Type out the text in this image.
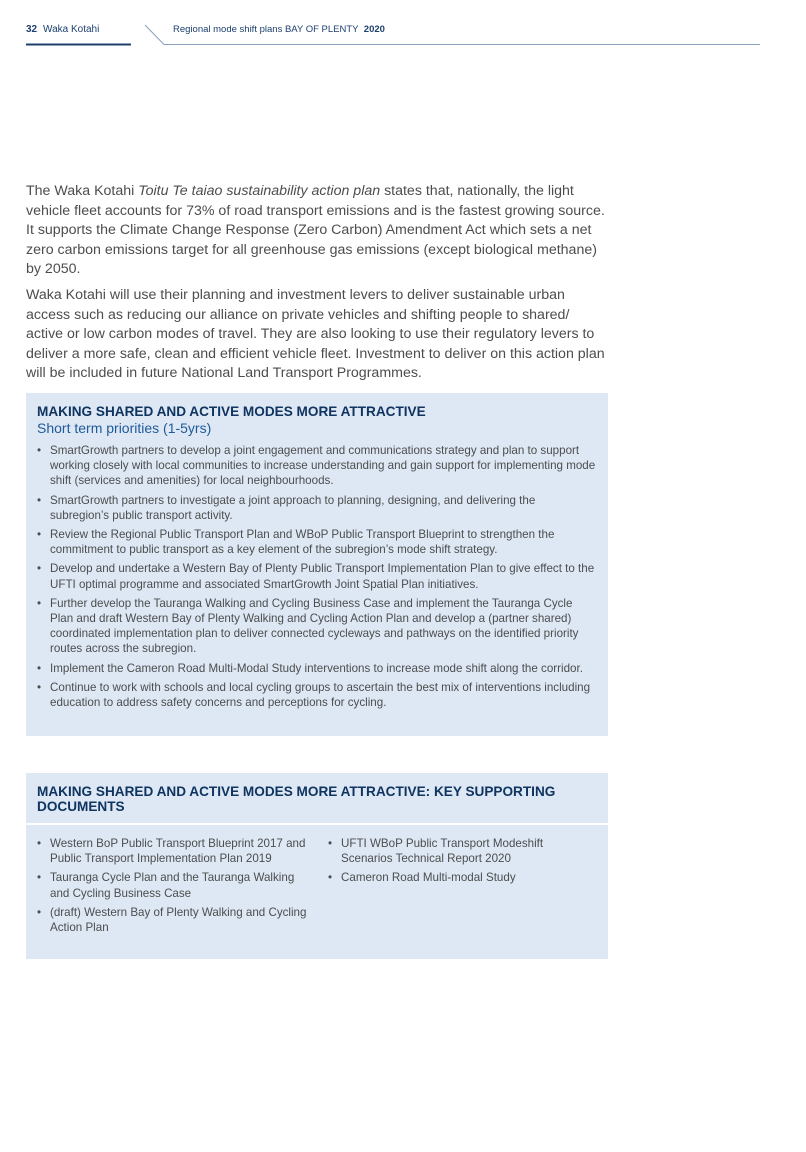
32 Waka Kotahi	Regional mode shift plans BAY OF PLENTY 2020

The Waka Kotahi Toitu Te taiao sustainability action plan states that, nationally, the light vehicle fleet accounts for 73% of road transport emissions and is the fastest growing source. It supports the Climate Change Response (Zero Carbon) Amendment Act which sets a net zero carbon emissions target for all greenhouse gas emissions (except biological methane) by 2050.

Waka Kotahi will use their planning and investment levers to deliver sustainable urban access such as reducing our alliance on private vehicles and shifting people to shared/ active or low carbon modes of travel. They are also looking to use their regulatory levers to deliver a more safe, clean and efficient vehicle fleet. Investment to deliver on this action plan will be included in future National Land Transport Programmes.

MAKING SHARED AND ACTIVE MODES MORE ATTRACTIVE
Short term priorities (1-5yrs)
• SmartGrowth partners to develop a joint engagement and communications strategy and plan to support working closely with local communities to increase understanding and gain support for implementing mode shift (services and amenities) for local neighbourhoods.
• SmartGrowth partners to investigate a joint approach to planning, designing, and delivering the subregion’s public transport activity.
• Review the Regional Public Transport Plan and WBoP Public Transport Blueprint to strengthen the commitment to public transport as a key element of the subregion’s mode shift strategy.
• Develop and undertake a Western Bay of Plenty Public Transport Implementation Plan to give effect to the UFTI optimal programme and associated SmartGrowth Joint Spatial Plan initiatives.
• Further develop the Tauranga Walking and Cycling Business Case and implement the Tauranga Cycle Plan and draft Western Bay of Plenty Walking and Cycling Action Plan and develop a (partner shared) coordinated implementation plan to deliver connected cycleways and pathways on the identified priority routes across the subregion.
• Implement the Cameron Road Multi-Modal Study interventions to increase mode shift along the corridor.
• Continue to work with schools and local cycling groups to ascertain the best mix of interventions including education to address safety concerns and perceptions for cycling.
MAKING SHARED AND ACTIVE MODES MORE ATTRACTIVE: KEY SUPPORTING DOCUMENTS
• Western BoP Public Transport Blueprint 2017 and Public Transport Implementation Plan 2019
• Tauranga Cycle Plan and the Tauranga Walking and Cycling Business Case
• (draft) Western Bay of Plenty Walking and Cycling Action Plan
• UFTI WBoP Public Transport Modeshift Scenarios Technical Report 2020
• Cameron Road Multi-modal Study
